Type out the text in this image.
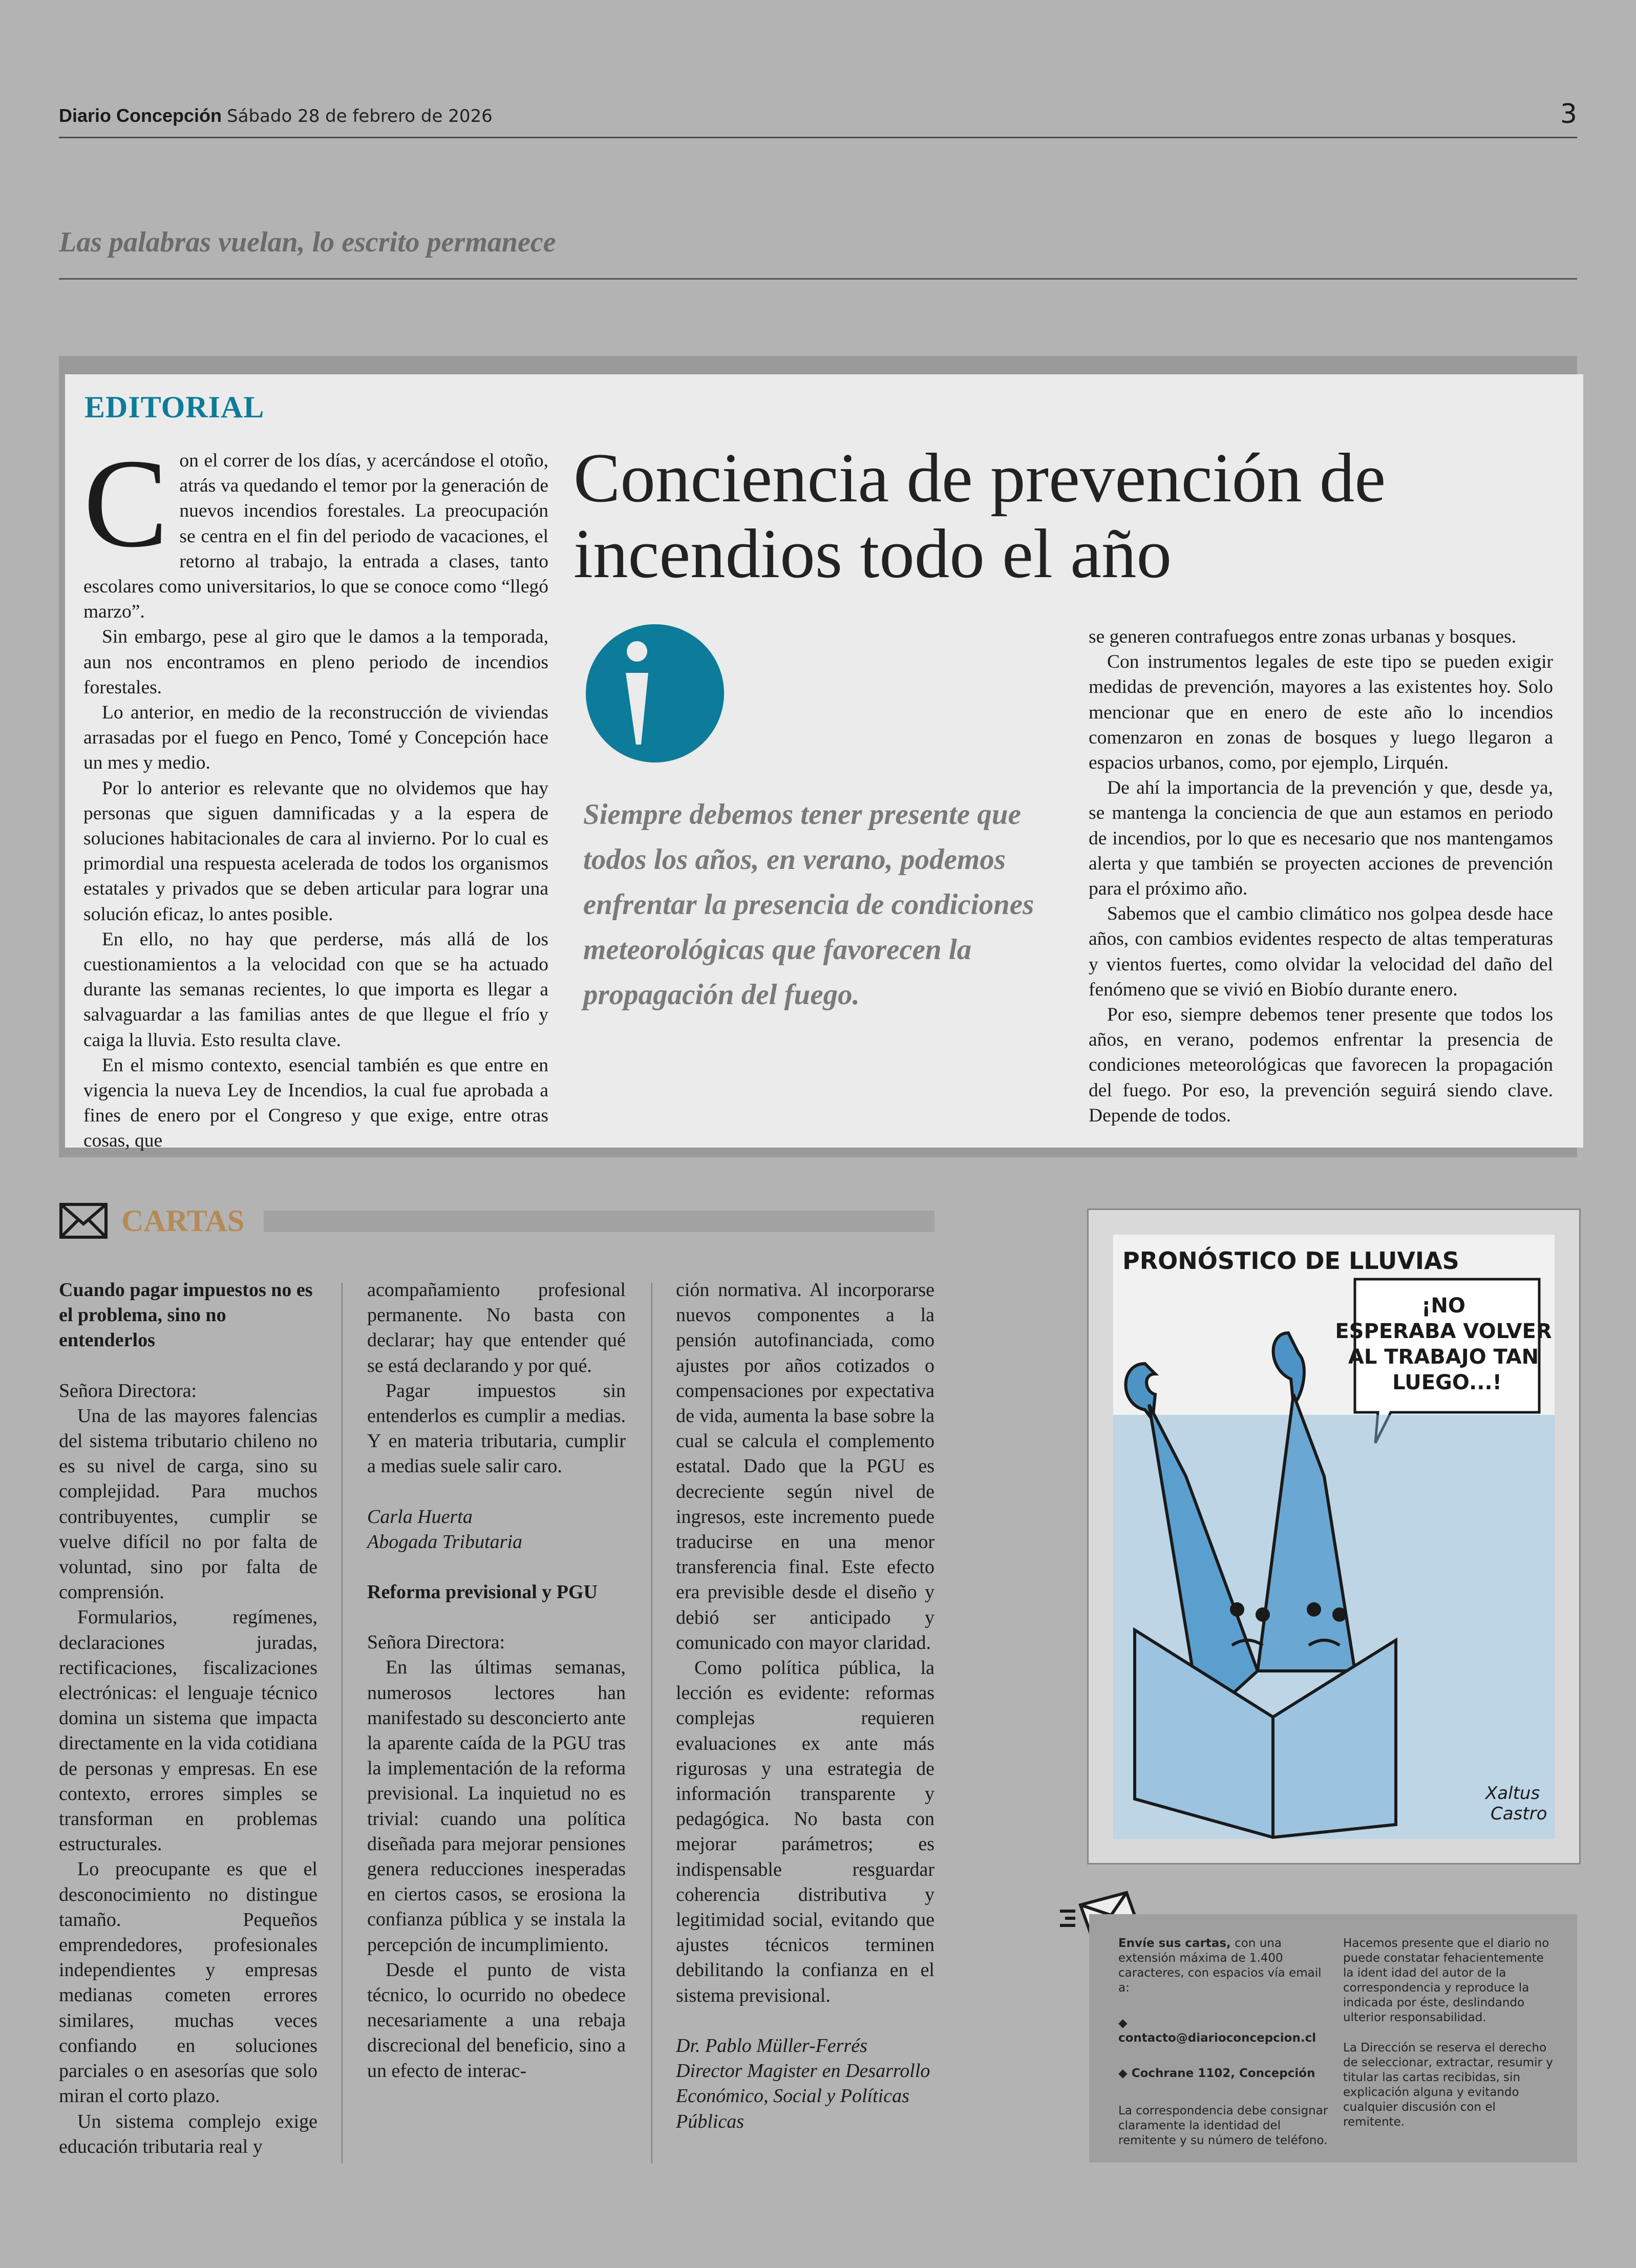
Diario Concepción Sábado 28 de febrero de 2026	3
Las palabras vuelan, lo escrito permanece
EDITORIAL

Con el correr de los días, y acercándose el otoño, atrás va quedando el temor por la generación de nuevos incendios forestales. La preocupación se centra en el fin del periodo de vacaciones, el retorno al trabajo, la entrada a clases, tanto escolares como universitarios, lo que se conoce como “llegó marzo”.

Sin embargo, pese al giro que le damos a la temporada, aun nos encontramos en pleno periodo de incendios forestales.

Lo anterior, en medio de la reconstrucción de viviendas arrasadas por el fuego en Penco, Tomé y Concepción hace un mes y medio.

Por lo anterior es relevante que no olvidemos que hay personas que siguen damnificadas y a la espera de soluciones habitacionales de cara al invierno. Por lo cual es primordial una respuesta acelerada de todos los organismos estatales y privados que se deben articular para lograr una solución eficaz, lo antes posible.

En ello, no hay que perderse, más allá de los cuestionamientos a la velocidad con que se ha actuado durante las semanas recientes, lo que importa es llegar a salvaguardar a las familias antes de que llegue el frío y caiga la lluvia. Esto resulta clave.

En el mismo contexto, esencial también es que entre en vigencia la nueva Ley de Incendios, la cual fue aprobada a fines de enero por el Congreso y que exige, entre otras cosas, que

Conciencia de prevención de incendios todo el año
Siempre debemos tener presente que todos los años, en verano, podemos enfrentar la presencia de condiciones meteorológicas que favorecen la propagación del fuego.

se generen contrafuegos entre zonas urbanas y bosques.

Con instrumentos legales de este tipo se pueden exigir medidas de prevención, mayores a las existentes hoy. Solo mencionar que en enero de este año lo incendios comenzaron en zonas de bosques y luego llegaron a espacios urbanos, como, por ejemplo, Lirquén.

De ahí la importancia de la prevención y que, desde ya, se mantenga la conciencia de que aun estamos en periodo de incendios, por lo que es necesario que nos mantengamos alerta y que también se proyecten acciones de prevención para el próximo año.

Sabemos que el cambio climático nos golpea desde hace años, con cambios evidentes respecto de altas temperaturas y vientos fuertes, como olvidar la velocidad del daño del fenómeno que se vivió en Biobío durante enero.

Por eso, siempre debemos tener presente que todos los años, en verano, podemos enfrentar la presencia de condiciones meteorológicas que favorecen la propagación del fuego. Por eso, la prevención seguirá siendo clave. Depende de todos.

CARTAS

Cuando pagar impuestos no es el problema, sino no entenderlos

Señora Directora:

Una de las mayores falencias del sistema tributario chileno no es su nivel de carga, sino su complejidad. Para muchos contribuyentes, cumplir se vuelve difícil no por falta de voluntad, sino por falta de comprensión.

Formularios, regímenes, declaraciones juradas, rectificaciones, fiscalizaciones electrónicas: el lenguaje técnico domina un sistema que impacta directamente en la vida cotidiana de personas y empresas. En ese contexto, errores simples se transforman en problemas estructurales.

Lo preocupante es que el desconocimiento no distingue tamaño. Pequeños emprendedores, profesionales independientes y empresas medianas cometen errores similares, muchas veces confiando en soluciones parciales o en asesorías que solo miran el corto plazo.

Un sistema complejo exige educación tributaria real y

acompañamiento profesional permanente. No basta con declarar; hay que entender qué se está declarando y por qué.

Pagar impuestos sin entenderlos es cumplir a medias. Y en materia tributaria, cumplir a medias suele salir caro.

Carla Huerta

Abogada Tributaria

Reforma previsional y PGU

Señora Directora:

En las últimas semanas, numerosos lectores han manifestado su desconcierto ante la aparente caída de la PGU tras la implementación de la reforma previsional. La inquietud no es trivial: cuando una política diseñada para mejorar pensiones genera reducciones inesperadas en ciertos casos, se erosiona la confianza pública y se instala la percepción de incumplimiento.

Desde el punto de vista técnico, lo ocurrido no obedece necesariamente a una rebaja discrecional del beneficio, sino a un efecto de interac-

ción normativa. Al incorporarse nuevos componentes a la pensión autofinanciada, como ajustes por años cotizados o compensaciones por expectativa de vida, aumenta la base sobre la cual se calcula el complemento estatal. Dado que la PGU es decreciente según nivel de ingresos, este incremento puede traducirse en una menor transferencia final. Este efecto era previsible desde el diseño y debió ser anticipado y comunicado con mayor claridad.

Como política pública, la lección es evidente: reformas complejas requieren evaluaciones ex ante más rigurosas y una estrategia de información transparente y pedagógica. No basta con mejorar parámetros; es indispensable resguardar coherencia distributiva y legitimidad social, evitando que ajustes técnicos terminen debilitando la confianza en el sistema previsional.

Dr. Pablo Müller-Ferrés

Director Magister en Desarrollo Económico, Social y Políticas Públicas

PRONÓSTICO DE LLUVIAS
¡NO ESPERABA VOLVER AL TRABAJO TAN LUEGO...!
Xaltus
Castro
Envíe sus cartas, con una extensión máxima de 1.400 caracteres, con espacios vía email a:
◆ contacto@diarioconcepcion.cl
◆ Cochrane 1102, Concepción
La correspondencia debe consignar claramente la identidad del remitente y su número de teléfono.
Hacemos presente que el diario no puede constatar fehacientemente la ident idad del autor de la correspondencia y reproduce la indicada por éste, deslindando ulterior responsabilidad.
La Dirección se reserva el derecho de seleccionar, extractar, resumir y titular las cartas recibidas, sin explicación alguna y evitando cualquier discusión con el remitente.
